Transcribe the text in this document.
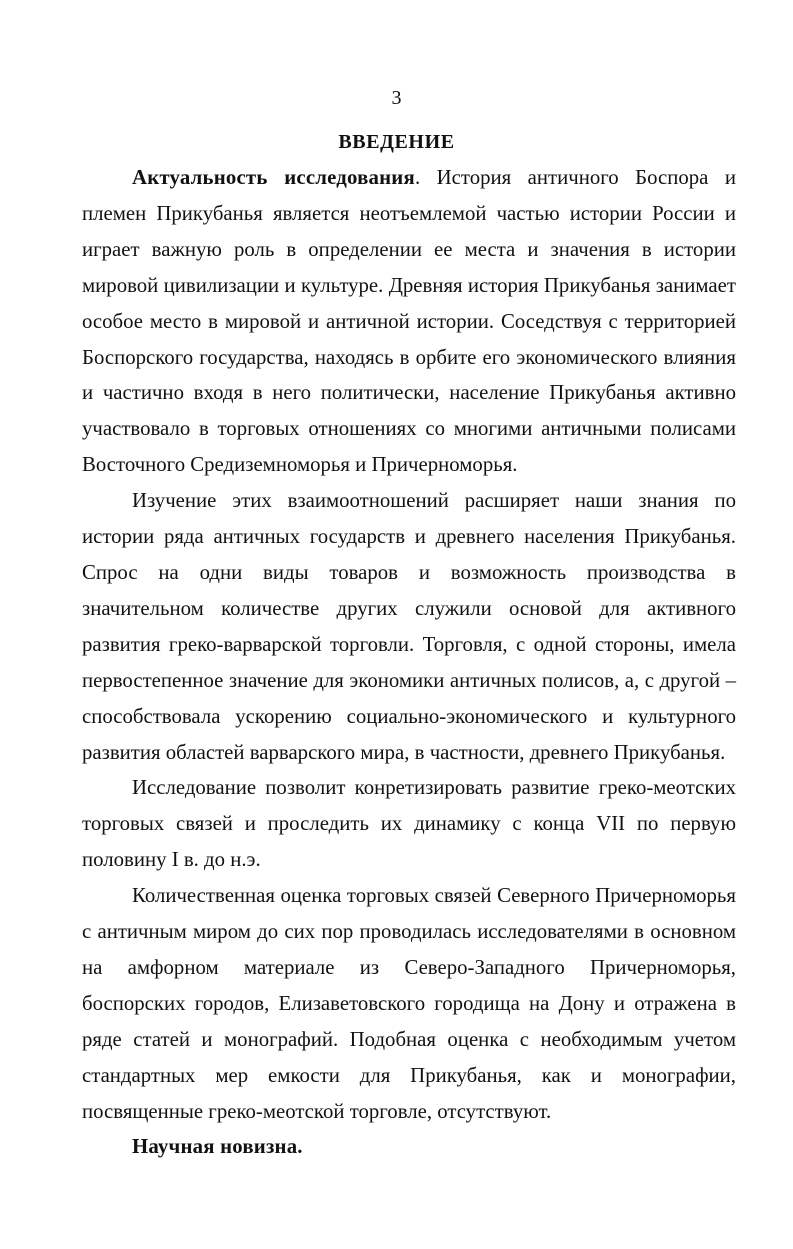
3
ВВЕДЕНИЕ

Актуальность исследования. История античного Боспора и племен Прикубанья является неотъемлемой частью истории России и играет важную роль в определении ее места и значения в истории мировой цивилизации и культуре. Древняя история Прикубанья занимает особое место в мировой и античной истории. Соседствуя с территорией Боспорского государства, находясь в орбите его экономического влияния и частично входя в него политически, население Прикубанья активно участвовало в торговых отношениях со многими античными полисами Восточного Средиземноморья и Причерноморья.

Изучение этих взаимоотношений расширяет наши знания по истории ряда античных государств и древнего населения Прикубанья. Спрос на одни виды товаров и возможность производства в значительном количестве других служили основой для активного развития греко-варварской торговли. Торговля, с одной стороны, имела первостепенное значение для экономики античных полисов, а, с другой – способствовала ускорению социально-экономического и культурного развития областей варварского мира, в частности, древнего Прикубанья.

Исследование позволит конретизировать развитие греко-меотских торговых связей и проследить их динамику с конца VII по первую половину I в. до н.э.

Количественная оценка торговых связей Северного Причерноморья с античным миром до сих пор проводилась исследователями в основном на амфорном материале из Северо-Западного Причерноморья, боспорских городов, Елизаветовского городища на Дону и отражена в ряде статей и монографий. Подобная оценка с необходимым учетом стандартных мер емкости для Прикубанья, как и монографии, посвященные греко-меотской торговле, отсутствуют.

Научная новизна.
